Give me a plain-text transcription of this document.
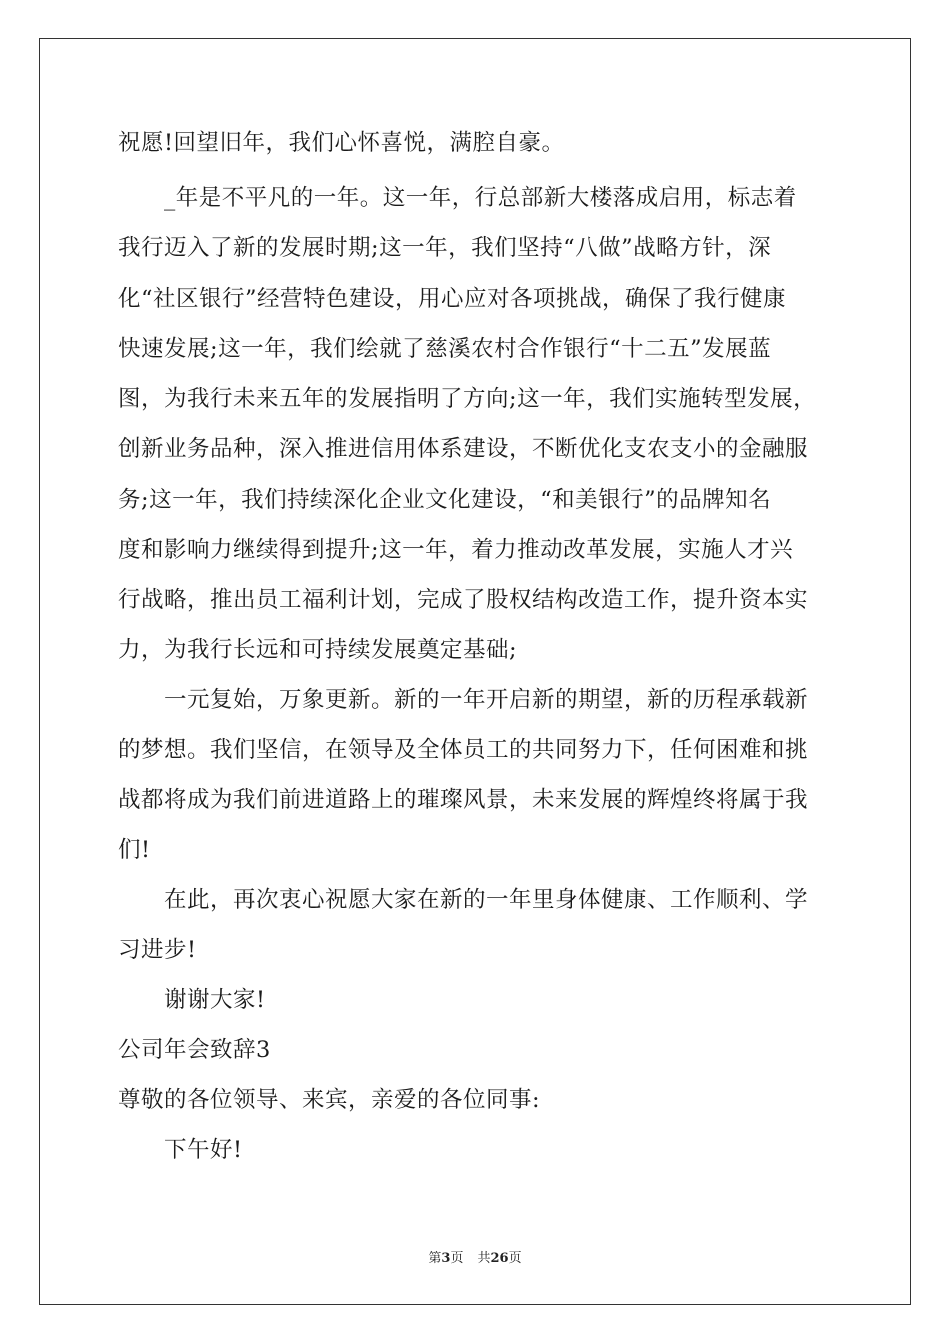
祝愿!回望旧年，我们心怀喜悦，满腔自豪。
_年是不平凡的一年。这一年，行总部新大楼落成启用，标志着
我行迈入了新的发展时期;这一年，我们坚持“八做”战略方针，深
化“社区银行”经营特色建设，用心应对各项挑战，确保了我行健康
快速发展;这一年，我们绘就了慈溪农村合作银行“十二五”发展蓝
图，为我行未来五年的发展指明了方向;这一年，我们实施转型发展，
创新业务品种，深入推进信用体系建设，不断优化支农支小的金融服
务;这一年，我们持续深化企业文化建设，“和美银行”的品牌知名
度和影响力继续得到提升;这一年，着力推动改革发展，实施人才兴
行战略，推出员工福利计划，完成了股权结构改造工作，提升资本实
力，为我行长远和可持续发展奠定基础;
一元复始，万象更新。新的一年开启新的期望，新的历程承载新
的梦想。我们坚信，在领导及全体员工的共同努力下，任何困难和挑
战都将成为我们前进道路上的璀璨风景，未来发展的辉煌终将属于我
们!
在此，再次衷心祝愿大家在新的一年里身体健康、工作顺利、学
习进步!
谢谢大家!
公司年会致辞3
尊敬的各位领导、来宾，亲爱的各位同事:
下午好!
第3页 共26页
